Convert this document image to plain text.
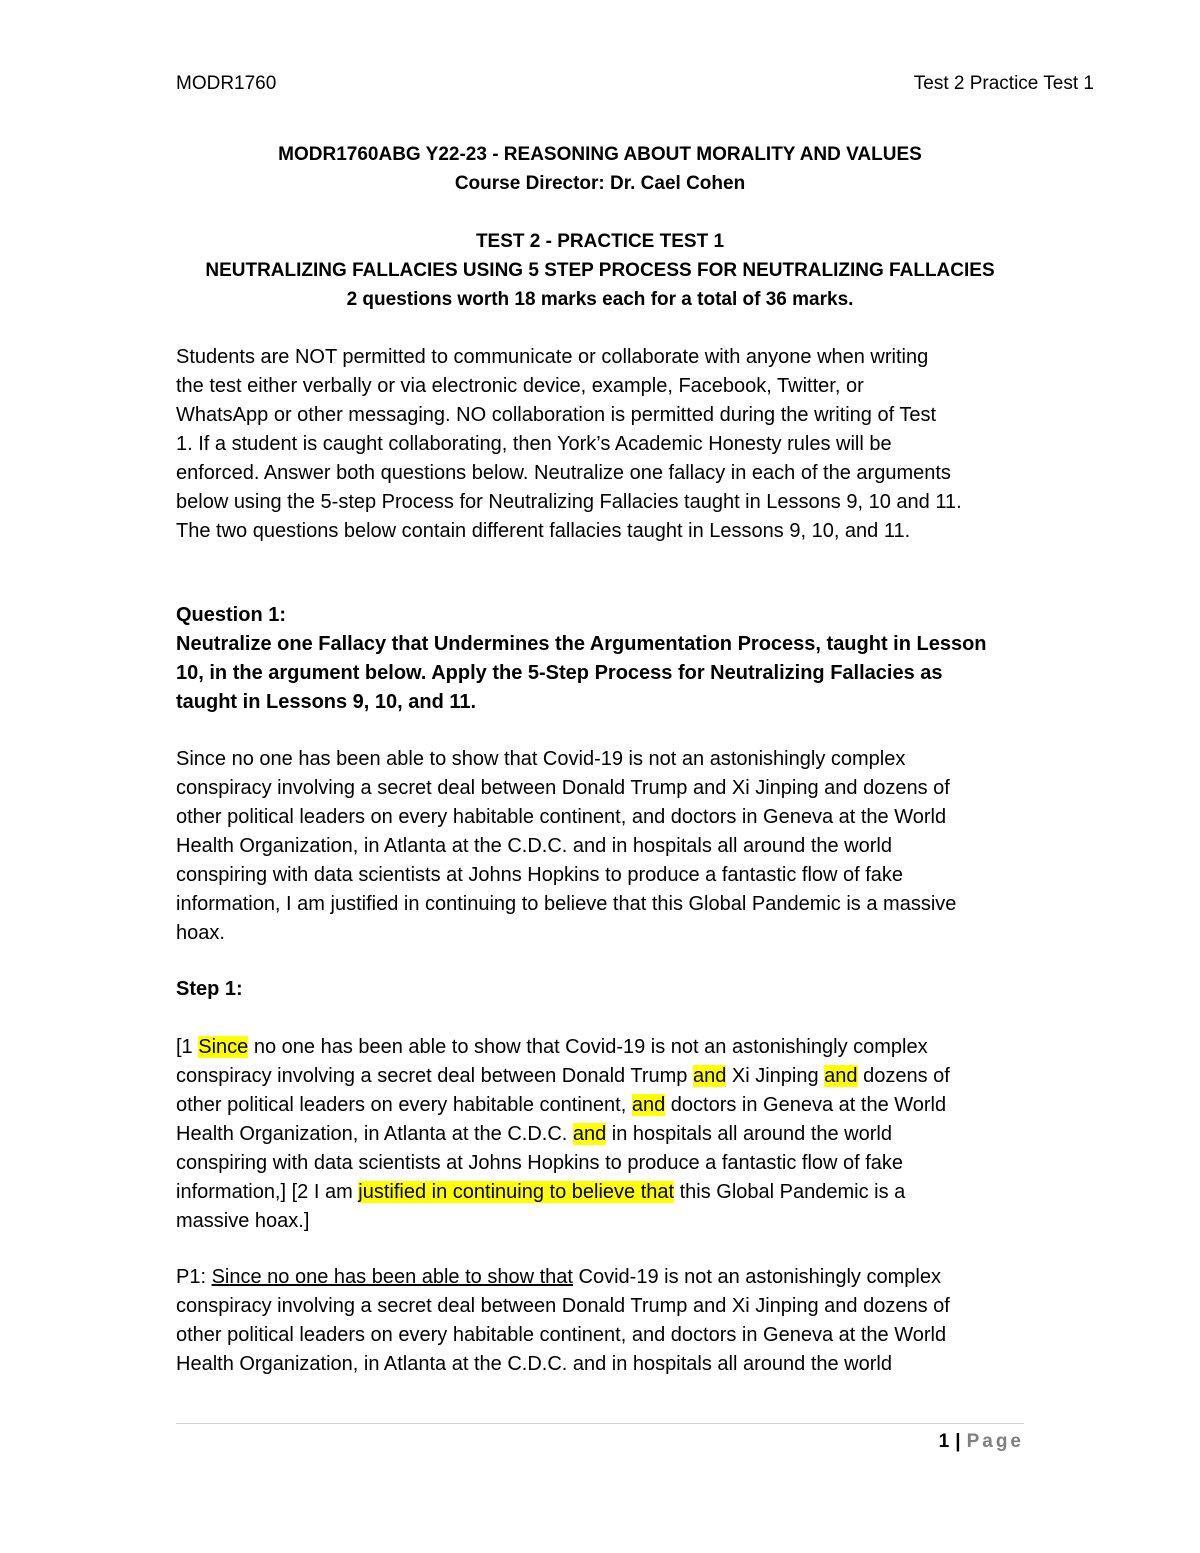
MODR1760	Test 2 Practice Test 1
MODR1760ABG Y22-23 - REASONING ABOUT MORALITY AND VALUES
Course Director: Dr. Cael Cohen
TEST 2 - PRACTICE TEST 1
NEUTRALIZING FALLACIES USING 5 STEP PROCESS FOR NEUTRALIZING FALLACIES
2 questions worth 18 marks each for a total of 36 marks.
Students are NOT permitted to communicate or collaborate with anyone when writing
the test either verbally or via electronic device, example, Facebook, Twitter, or
WhatsApp or other messaging. NO collaboration is permitted during the writing of Test
1. If a student is caught collaborating, then York’s Academic Honesty rules will be
enforced. Answer both questions below. Neutralize one fallacy in each of the arguments
below using the 5-step Process for Neutralizing Fallacies taught in Lessons 9, 10 and 11.
The two questions below contain different fallacies taught in Lessons 9, 10, and 11.
Question 1:
Neutralize one Fallacy that Undermines the Argumentation Process, taught in Lesson
10, in the argument below. Apply the 5-Step Process for Neutralizing Fallacies as
taught in Lessons 9, 10, and 11.
Since no one has been able to show that Covid-19 is not an astonishingly complex
conspiracy involving a secret deal between Donald Trump and Xi Jinping and dozens of
other political leaders on every habitable continent, and doctors in Geneva at the World
Health Organization, in Atlanta at the C.D.C. and in hospitals all around the world
conspiring with data scientists at Johns Hopkins to produce a fantastic flow of fake
information, I am justified in continuing to believe that this Global Pandemic is a massive
hoax.
Step 1:
[1 Since no one has been able to show that Covid-19 is not an astonishingly complex
conspiracy involving a secret deal between Donald Trump and Xi Jinping and dozens of
other political leaders on every habitable continent, and doctors in Geneva at the World
Health Organization, in Atlanta at the C.D.C. and in hospitals all around the world
conspiring with data scientists at Johns Hopkins to produce a fantastic flow of fake
information,] [2 I am justified in continuing to believe that this Global Pandemic is a
massive hoax.]
P1: Since no one has been able to show that Covid-19 is not an astonishingly complex
conspiracy involving a secret deal between Donald Trump and Xi Jinping and dozens of
other political leaders on every habitable continent, and doctors in Geneva at the World
Health Organization, in Atlanta at the C.D.C. and in hospitals all around the world
1 | Page
